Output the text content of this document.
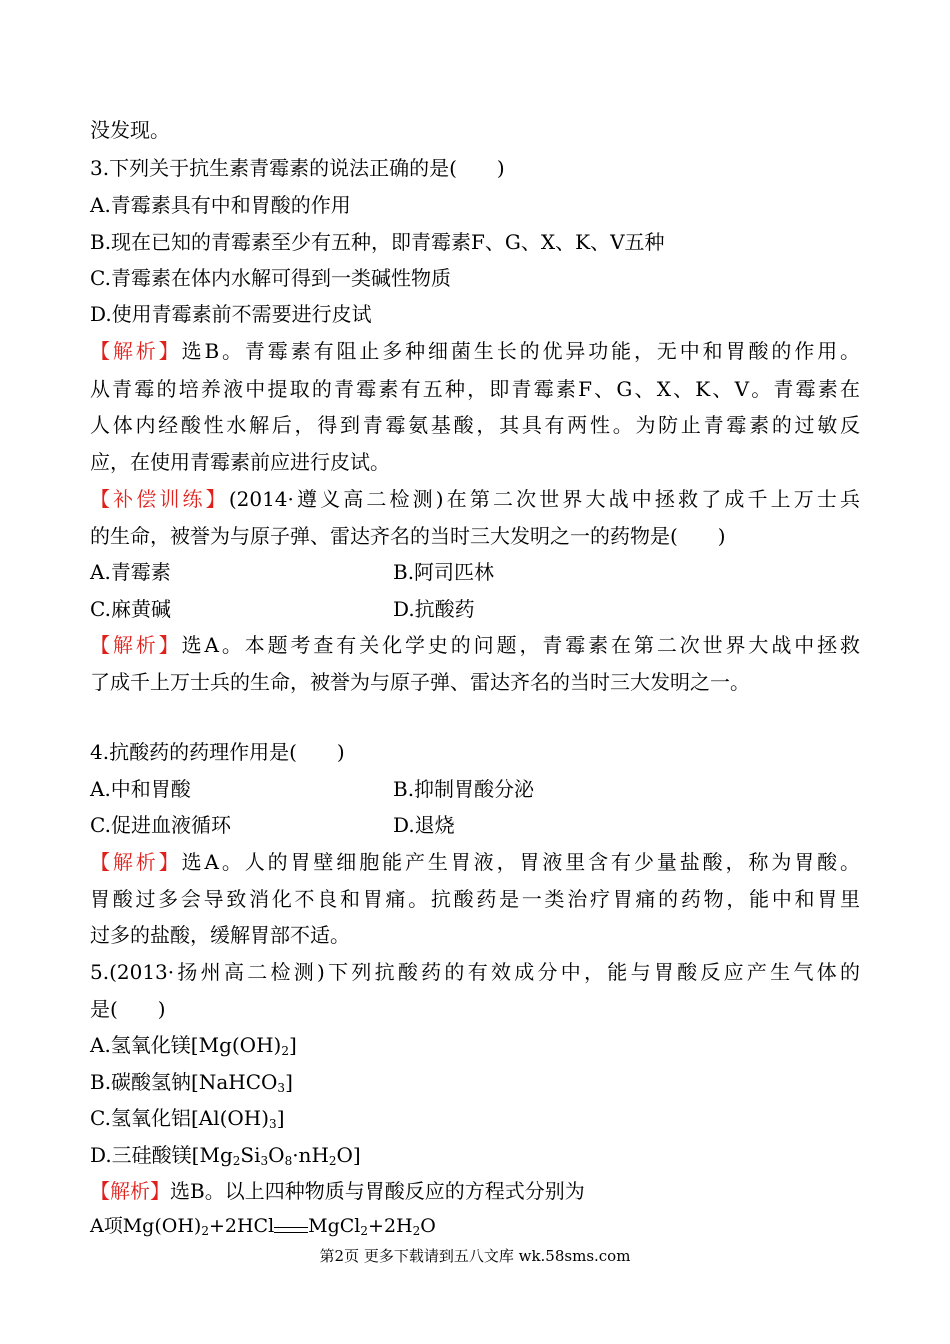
没发现。
3.下列关于抗生素青霉素的说法正确的是(　　)
A.青霉素具有中和胃酸的作用
B.现在已知的青霉素至少有五种，即青霉素F、G、X、K、V五种
C.青霉素在体内水解可得到一类碱性物质
D.使用青霉素前不需要进行皮试
【解析】选B。青霉素有阻止多种细菌生长的优异功能，无中和胃酸的作用。
从青霉的培养液中提取的青霉素有五种，即青霉素F、G、X、K、V。青霉素在
人体内经酸性水解后，得到青霉氨基酸，其具有两性。为防止青霉素的过敏反
应，在使用青霉素前应进行皮试。
【补偿训练】(2014·遵义高二检测)在第二次世界大战中拯救了成千上万士兵
的生命，被誉为与原子弹、雷达齐名的当时三大发明之一的药物是(　　)
A.青霉素	B.阿司匹林
C.麻黄碱	D.抗酸药
【解析】选A。本题考查有关化学史的问题，青霉素在第二次世界大战中拯救
了成千上万士兵的生命，被誉为与原子弹、雷达齐名的当时三大发明之一。
4.抗酸药的药理作用是(　　)
A.中和胃酸	B.抑制胃酸分泌
C.促进血液循环	D.退烧
【解析】选A。人的胃壁细胞能产生胃液，胃液里含有少量盐酸，称为胃酸。
胃酸过多会导致消化不良和胃痛。抗酸药是一类治疗胃痛的药物，能中和胃里
过多的盐酸，缓解胃部不适。
5.(2013·扬州高二检测)下列抗酸药的有效成分中，能与胃酸反应产生气体的
是(　　)
A.氢氧化镁$[Mg(OH)_2]$
B.碳酸氢钠[NaHCO$_3$]
C.氢氧化铝$[Al(OH)_3]$
D.三硅酸镁$[Mg_2Si_3O_8\cdot nH_2O]$
【解析】选B。以上四种物质与胃酸反应的方程式分别为
A项$Mg(OH)_2+2HCl$ $MgCl_2+2H_2O$
第2页 更多下载请到五八文库 wk.58sms.com
